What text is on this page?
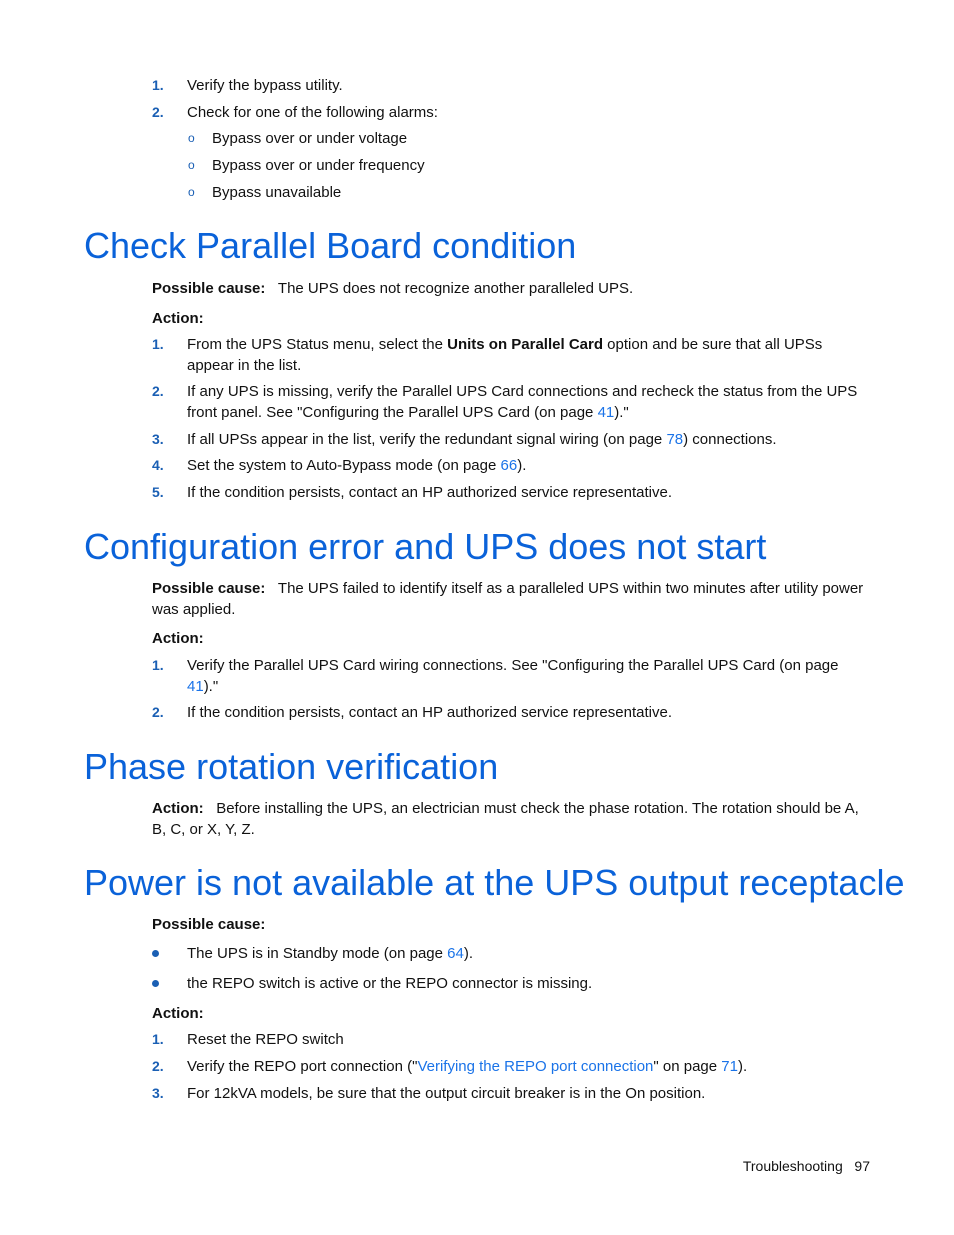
1. Verify the bypass utility.
2. Check for one of the following alarms:
o Bypass over or under voltage
o Bypass over or under frequency
o Bypass unavailable
Check Parallel Board condition
Possible cause: The UPS does not recognize another paralleled UPS.
Action:
1. From the UPS Status menu, select the Units on Parallel Card option and be sure that all UPSs appear in the list.
2. If any UPS is missing, verify the Parallel UPS Card connections and recheck the status from the UPS front panel. See "Configuring the Parallel UPS Card (on page 41)."
3. If all UPSs appear in the list, verify the redundant signal wiring (on page 78) connections.
4. Set the system to Auto-Bypass mode (on page 66).
5. If the condition persists, contact an HP authorized service representative.
Configuration error and UPS does not start
Possible cause: The UPS failed to identify itself as a paralleled UPS within two minutes after utility power was applied.
Action:
1. Verify the Parallel UPS Card wiring connections. See "Configuring the Parallel UPS Card (on page 41)."
2. If the condition persists, contact an HP authorized service representative.
Phase rotation verification
Action: Before installing the UPS, an electrician must check the phase rotation. The rotation should be A, B, C, or X, Y, Z.
Power is not available at the UPS output receptacle
Possible cause:
The UPS is in Standby mode (on page 64).
the REPO switch is active or the REPO connector is missing.
Action:
1. Reset the REPO switch
2. Verify the REPO port connection ("Verifying the REPO port connection" on page 71).
3. For 12kVA models, be sure that the output circuit breaker is in the On position.
Troubleshooting 97
